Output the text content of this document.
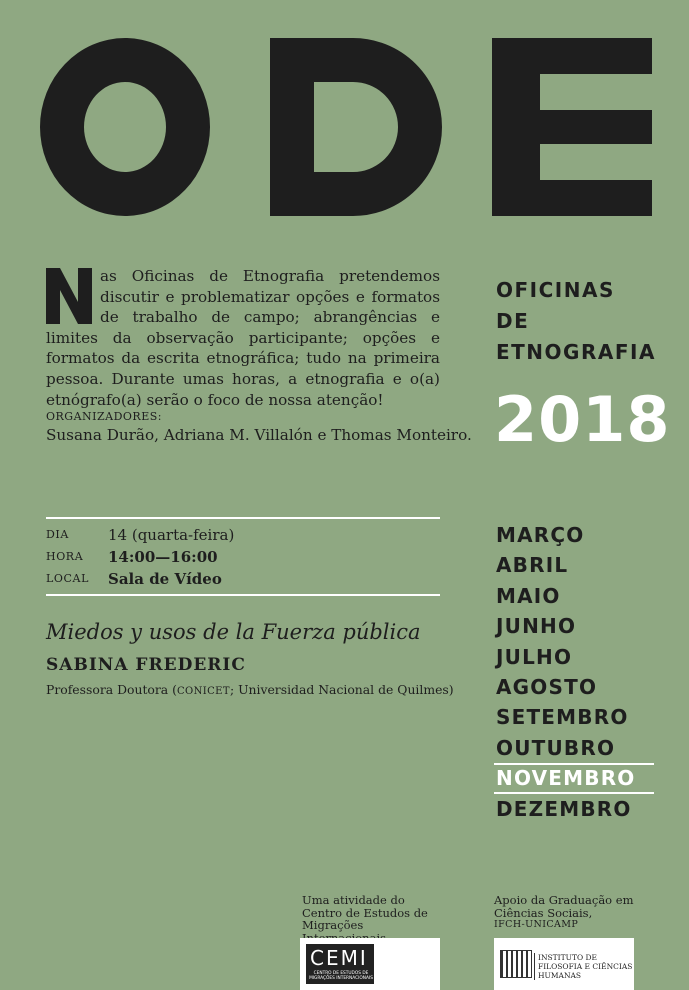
as Oficinas de Etnografia pretendemos discutir e problematizar opções e formatos de trabalho de campo; abrangências e limites da observação participante; opções e formatos da escrita etnográfica; tudo na primeira pessoa. Durante umas horas, a etnografia e o(a) etnógrafo(a) serão o foco de nossa atenção!
ORGANIZADORES:
Susana Durão, Adriana M. Villalón e Thomas Monteiro.
OFICINAS
DE
ETNOGRAFIA
2018
MARÇO
ABRIL
MAIO
JUNHO
JULHO
AGOSTO
SETEMBRO
OUTUBRO
NOVEMBRO
DEZEMBRO
DIA	14 (quarta-feira)
HORA	14:00—16:00
LOCAL	Sala de Vídeo
Miedos y usos de la Fuerza pública
SABINA FREDERIC
Professora Doutora (CONICET; Universidad Nacional de Quilmes)
Uma atividade do Centro de Estudos de Migrações
Apoio da Graduação em Ciências Sociais,
IFCH-UNICAMP
CEMI
CENTRO DE ESTUDOS DE MIGRAÇÕES INTERNACIONAIS
INSTITUTO DE FILOSOFIA E CIÊNCIAS HUMANAS
